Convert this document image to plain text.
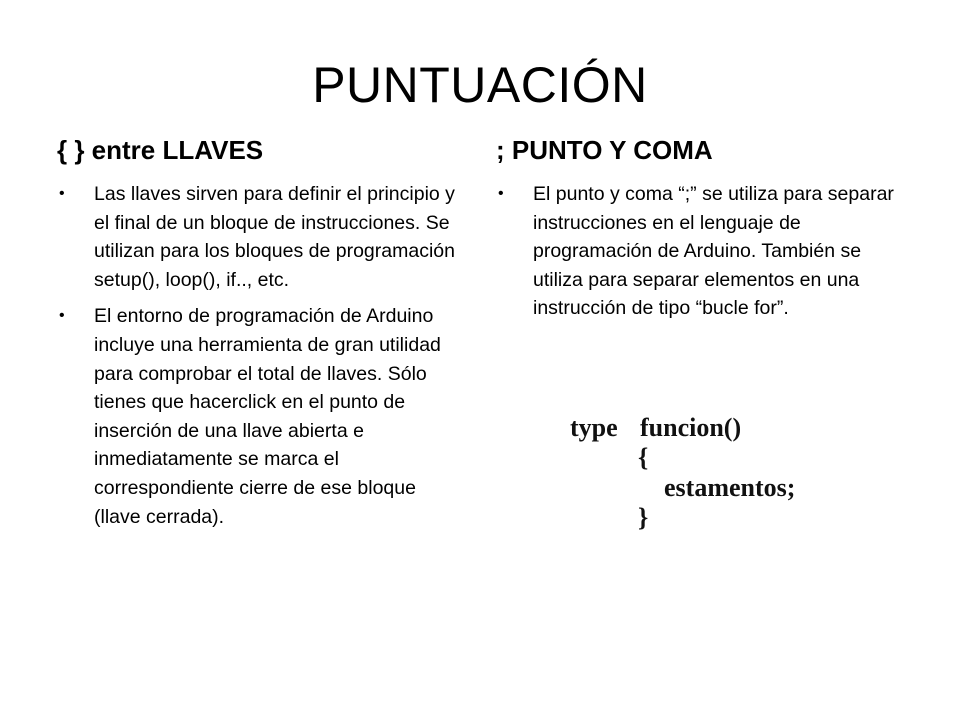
PUNTUACIÓN
{ } entre LLAVES
• Las llaves sirven para definir el principio y el final de un bloque de instrucciones. Se utilizan para los bloques de programación setup(), loop(), if.., etc.
• El entorno de programación de Arduino incluye una herramienta de gran utilidad para comprobar el total de llaves. Sólo tienes que hacerclick en el punto de inserción de una llave abierta e inmediatamente se marca el correspondiente cierre de ese bloque (llave cerrada).
; PUNTO Y COMA
• El punto y coma “;” se utiliza para separar instrucciones en el lenguaje de programación de Arduino. También se utiliza para separar elementos en una instrucción de tipo “bucle for”.
type funcion()
{
estamentos;
}
